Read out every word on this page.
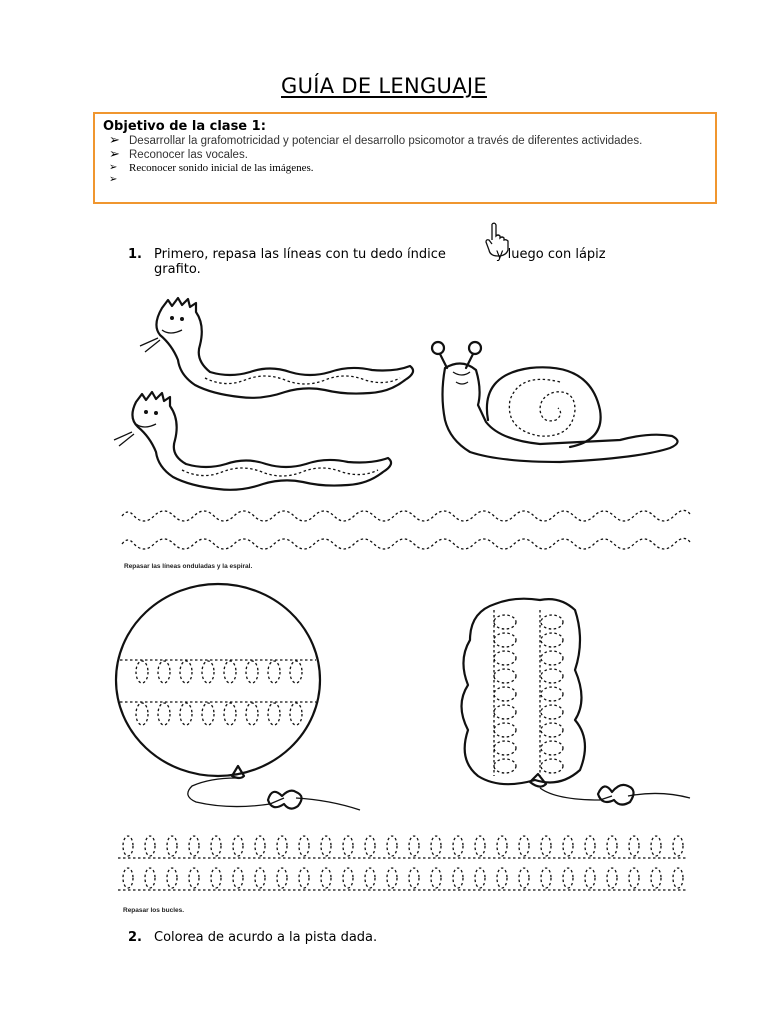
GUÍA DE LENGUAJE
Objetivo de la clase 1:
➢ Desarrollar la grafomotricidad y potenciar el desarrollo psicomotor a través de diferentes actividades.
➢ Reconocer las vocales.
➢	Reconocer sonido inicial de las imágenes.
➢
1. Primero, repasa las líneas con tu dedo índice	y luego con lápiz
grafito.
Repasar las líneas onduladas y la espiral.
Repasar los bucles.
2. Colorea de acurdo a la pista dada.
